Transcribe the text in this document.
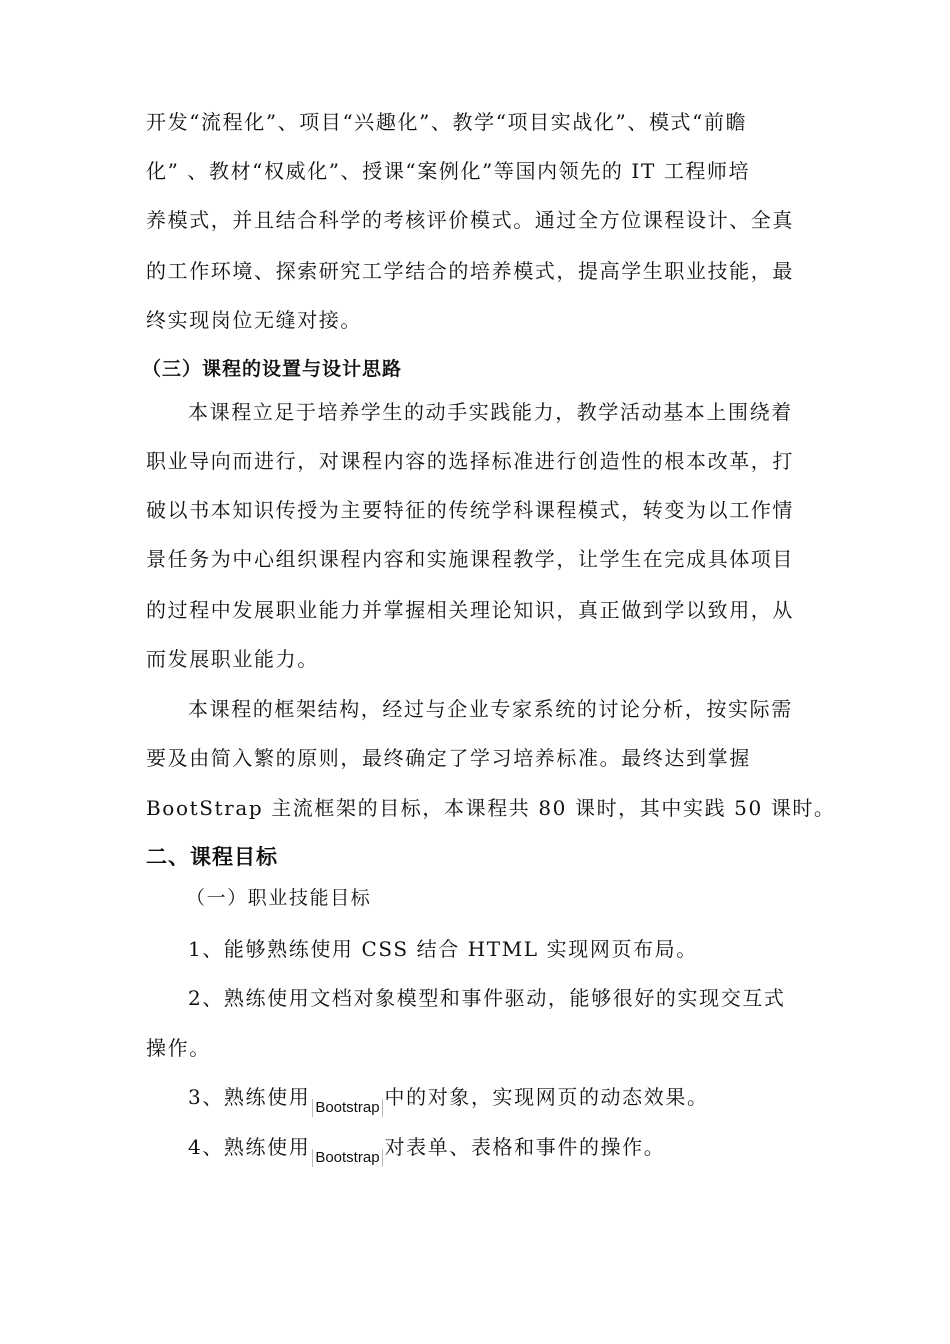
开发“流程化”、项目“兴趣化”、教学“项目实战化”、模式“前瞻
化” 、教材“权威化”、授课“案例化”等国内领先的 IT 工程师培
养模式，并且结合科学的考核评价模式。通过全方位课程设计、全真
的工作环境、探索研究工学结合的培养模式，提高学生职业技能，最
终实现岗位无缝对接。
（三）课程的设置与设计思路
本课程立足于培养学生的动手实践能力，教学活动基本上围绕着
职业导向而进行，对课程内容的选择标准进行创造性的根本改革，打
破以书本知识传授为主要特征的传统学科课程模式，转变为以工作情
景任务为中心组织课程内容和实施课程教学，让学生在完成具体项目
的过程中发展职业能力并掌握相关理论知识，真正做到学以致用，从
而发展职业能力。
本课程的框架结构，经过与企业专家系统的讨论分析，按实际需
要及由简入繁的原则，最终确定了学习培养标准。最终达到掌握
BootStrap 主流框架的目标，本课程共 80 课时，其中实践 50 课时。
二、课程目标
（一）职业技能目标
1、能够熟练使用 CSS 结合 HTML 实现网页布局。
2、熟练使用文档对象模型和事件驱动，能够很好的实现交互式
操作。
3、熟练使用 Bootstrap 中的对象，实现网页的动态效果。
4、熟练使用 Bootstrap 对表单、表格和事件的操作。
